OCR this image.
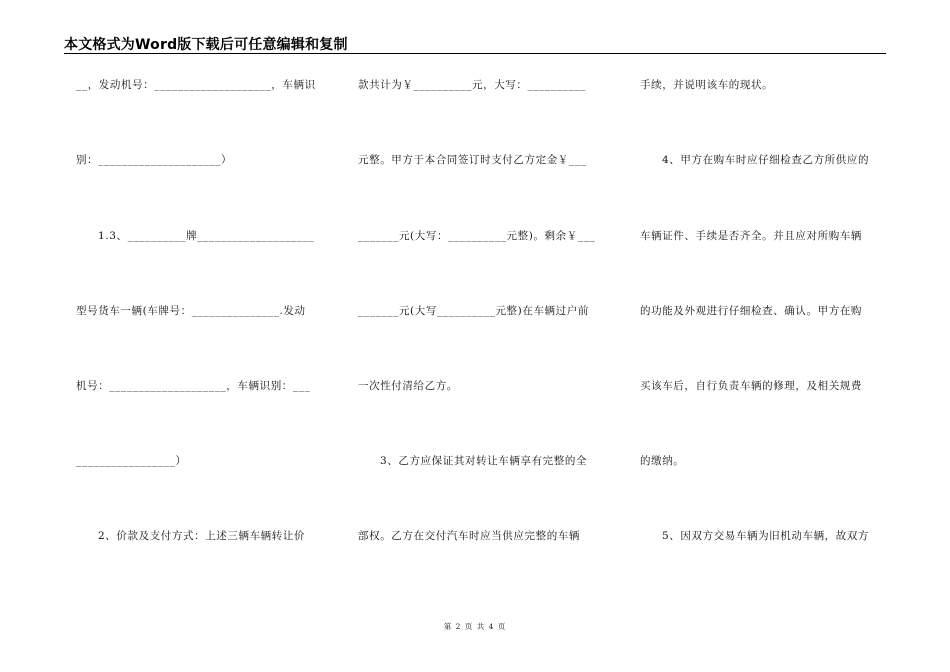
本文格式为Word版下载后可任意编辑和复制
__，发动机号：____________________，车辆识
别：_____________________）
1.3、__________牌____________________
型号货车一辆(车牌号：_______________.发动
机号：____________________，车辆识别：___
_________________）
2、价款及支付方式：上述三辆车辆转让价
款共计为￥__________元，大写：__________
元整。甲方于本合同签订时支付乙方定金￥___
_______元(大写：__________元整)。剩余￥___
_______元(大写__________元整)在车辆过户前
一次性付清给乙方。
3、乙方应保证其对转让车辆享有完整的全
部权。乙方在交付汽车时应当供应完整的车辆
手续，并说明该车的现状。
4、甲方在购车时应仔细检查乙方所供应的
车辆证件、手续是否齐全。并且应对所购车辆
的功能及外观进行仔细检查、确认。甲方在购
买该车后，自行负责车辆的修理，及相关规费
的缴纳。
5、因双方交易车辆为旧机动车辆，故双方
第 2 页 共 4 页
